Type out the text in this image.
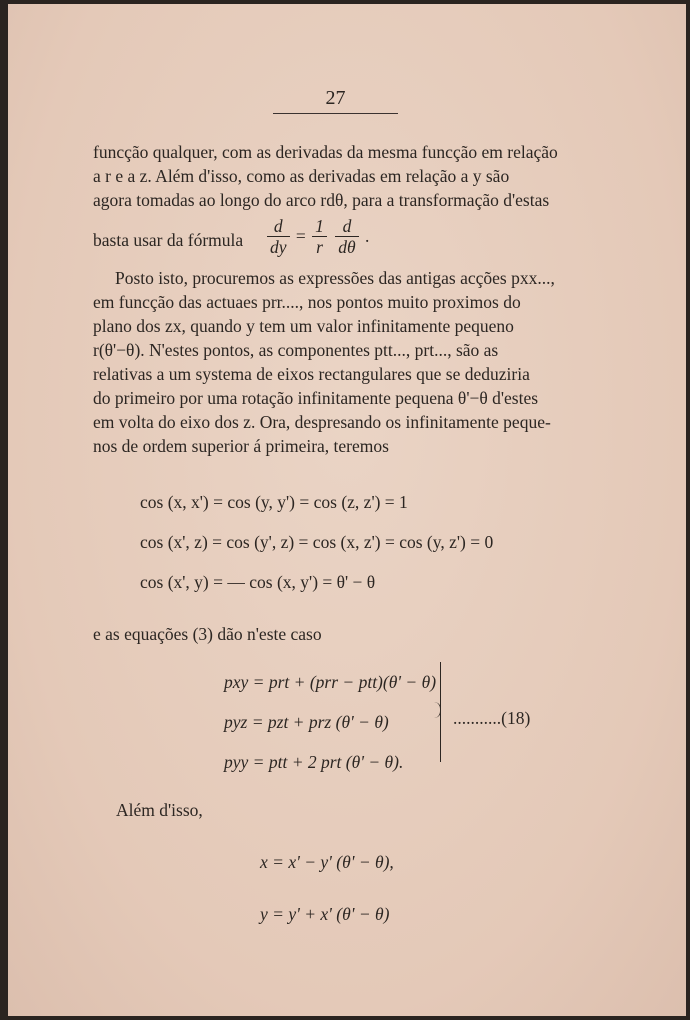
27

funcção qualquer, com as derivadas da mesma funcção em relação

a r e a z. Além d'isso, como as derivadas em relação a y são

agora tomadas ao longo do arco rdθ, para a transformação d'estas

basta usar da fórmula $\frac{d}{dy} = \frac{1}{r}$
$\frac{d}{d\theta}$ .

Posto isto, procuremos as expressões das antigas acções pxx...,

em funcção das actuaes prr...., nos pontos muito proximos do

plano dos zx, quando y tem um valor infinitamente pequeno

r(θ'−θ). N'estes pontos, as componentes ptt..., prt..., são as

relativas a um systema de eixos rectangulares que se deduziria

do primeiro por uma rotação infinitamente pequena θ'−θ d'estes

em volta do eixo dos z. Ora, despresando os infinitamente peque-

nos de ordem superior á primeira, teremos

cos (x, x') = cos (y, y') = cos (z, z') = 1
cos (x', z) = cos (y', z) = cos (x, z') = cos (y, z') = 0
cos (x', y) = — cos (x, y') = θ' − θ
e as equações (3) dão n'este caso
pxy = prt + (prr − ptt)(θ' − θ)
pyz = pzt + prz (θ' − θ)
pyy = ptt + 2 prt (θ' − θ).
...........(18)
Além d'isso,
x = x' − y' (θ' − θ),
y = y' + x' (θ' − θ)
